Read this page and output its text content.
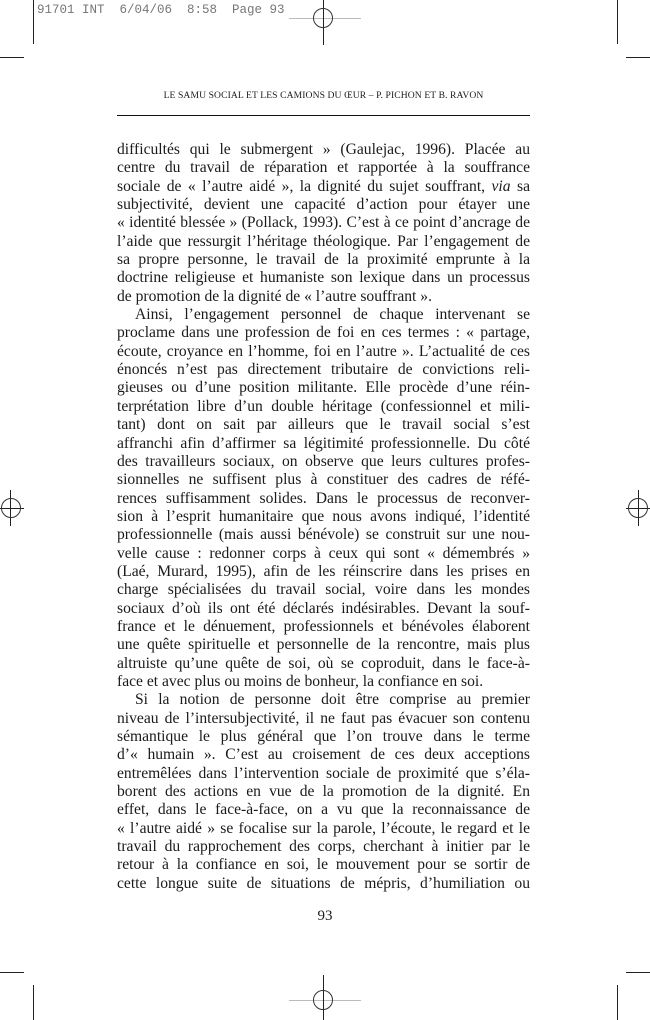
91701 INT  6/04/06  8:58  Page 93
LE SAMU SOCIAL ET LES CAMIONS DU ŒUR – P. PICHON ET B. RAVON
difficultés qui le submergent » (Gaulejac, 1996). Placée au
centre du travail de réparation et rapportée à la souffrance
sociale de « l’autre aidé », la dignité du sujet souffrant, via sa
subjectivité, devient une capacité d’action pour étayer une
« identité blessée » (Pollack, 1993). C’est à ce point d’ancrage de
l’aide que ressurgit l’héritage théologique. Par l’engagement de
sa propre personne, le travail de la proximité emprunte à la
doctrine religieuse et humaniste son lexique dans un processus
de promotion de la dignité de « l’autre souffrant ».
Ainsi, l’engagement personnel de chaque intervenant se
proclame dans une profession de foi en ces termes : « partage,
écoute, croyance en l’homme, foi en l’autre ». L’actualité de ces
énoncés n’est pas directement tributaire de convictions reli-
gieuses ou d’une position militante. Elle procède d’une réin-
terprétation libre d’un double héritage (confessionnel et mili-
tant) dont on sait par ailleurs que le travail social s’est
affranchi afin d’affirmer sa légitimité professionnelle. Du côté
des travailleurs sociaux, on observe que leurs cultures profes-
sionnelles ne suffisent plus à constituer des cadres de réfé-
rences suffisamment solides. Dans le processus de reconver-
sion à l’esprit humanitaire que nous avons indiqué, l’identité
professionnelle (mais aussi bénévole) se construit sur une nou-
velle cause : redonner corps à ceux qui sont « démembrés »
(Laé, Murard, 1995), afin de les réinscrire dans les prises en
charge spécialisées du travail social, voire dans les mondes
sociaux d’où ils ont été déclarés indésirables. Devant la souf-
france et le dénuement, professionnels et bénévoles élaborent
une quête spirituelle et personnelle de la rencontre, mais plus
altruiste qu’une quête de soi, où se coproduit, dans le face-à-
face et avec plus ou moins de bonheur, la confiance en soi.
Si la notion de personne doit être comprise au premier
niveau de l’intersubjectivité, il ne faut pas évacuer son contenu
sémantique le plus général que l’on trouve dans le terme
d’« humain ». C’est au croisement de ces deux acceptions
entremêlées dans l’intervention sociale de proximité que s’éla-
borent des actions en vue de la promotion de la dignité. En
effet, dans le face-à-face, on a vu que la reconnaissance de
« l’autre aidé » se focalise sur la parole, l’écoute, le regard et le
travail du rapprochement des corps, cherchant à initier par le
retour à la confiance en soi, le mouvement pour se sortir de
cette longue suite de situations de mépris, d’humiliation ou
93
